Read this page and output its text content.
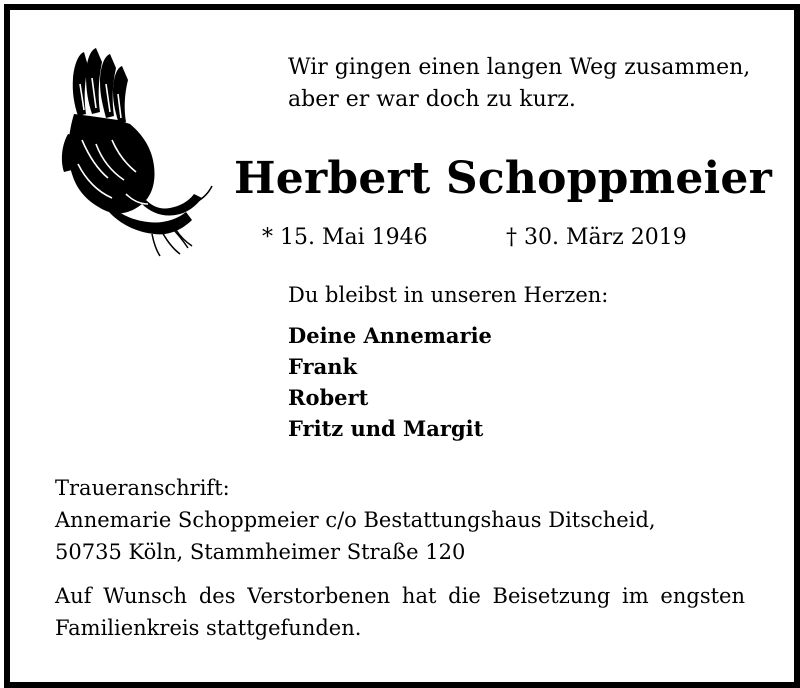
Wir gingen einen langen Weg zusammen,
aber er war doch zu kurz.
Herbert Schoppmeier
* 15. Mai 1946	† 30. März 2019
Du bleibst in unseren Herzen:
Deine Annemarie
Frank
Robert
Fritz und Margit
Traueranschrift:
Annemarie Schoppmeier c/o Bestattungshaus Ditscheid,
50735 Köln, Stammheimer Straße 120
Auf Wunsch des Verstorbenen hat die Beisetzung im engsten Familienkreis stattgefunden.
